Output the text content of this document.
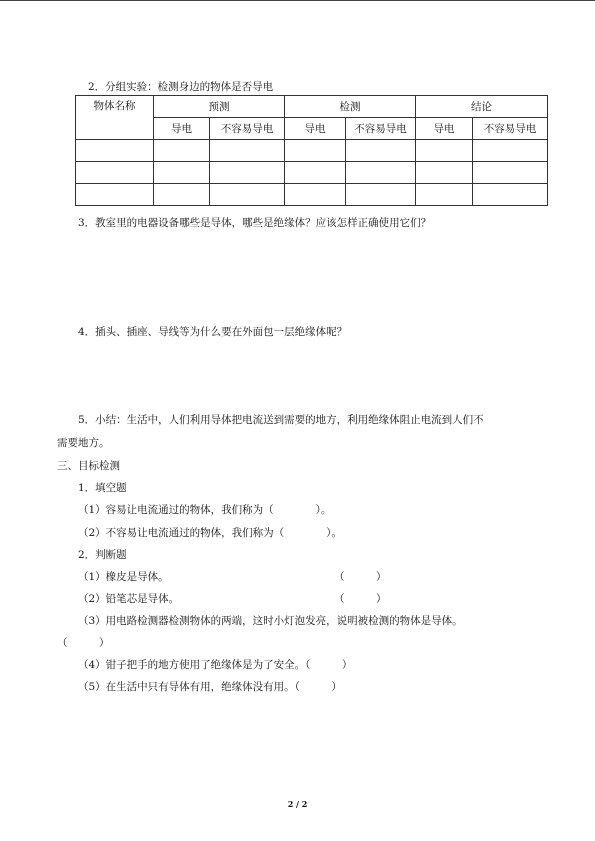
2．分组实验：检测身边的物体是否导电
物体名称	预测		检测		结论	
	导电	不容易导电	导电	不容易导电	导电	不容易导电

3．教室里的电器设备哪些是导体，哪些是绝缘体？应该怎样正确使用它们？
4．插头、插座、导线等为什么要在外面包一层绝缘体呢？
5．小结：生活中，人们利用导体把电流送到需要的地方，利用绝缘体阻止电流到人们不
需要地方。
三、目标检测
1．填空题
（1）容易让电流通过的物体，我们称为（　　　　）。
（2）不容易让电流通过的物体，我们称为（　　　　）。
2．判断题
（1）橡皮是导体。	（　　　）
（2）铅笔芯是导体。	（　　　）
（3）用电路检测器检测物体的两端，这时小灯泡发亮，说明被检测的物体是导体。
（　　　）
（4）钳子把手的地方使用了绝缘体是为了安全。（　　　）
（5）在生活中只有导体有用，绝缘体没有用。（　　　）
2 / 2
